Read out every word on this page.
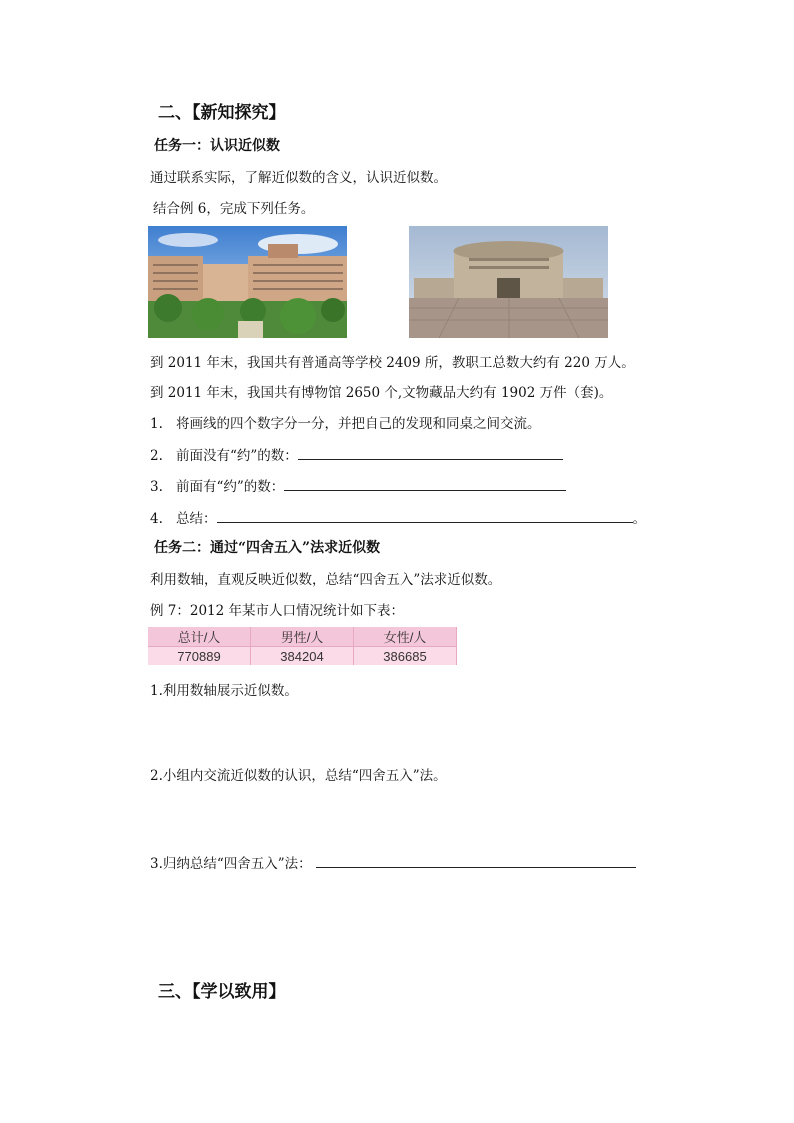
二、【新知探究】
任务一：认识近似数
通过联系实际，了解近似数的含义，认识近似数。
结合例 6，完成下列任务。
到 2011 年末，我国共有普通高等学校 2409 所，教职工总数大约有 220 万人。
到 2011 年末，我国共有博物馆 2650 个,文物藏品大约有 1902 万件（套)。
1. 将画线的四个数字分一分，并把自己的发现和同桌之间交流。
2. 前面没有“约”的数：
3. 前面有“约”的数：
4. 总结：	。
任务二：通过“四舍五入”法求近似数
利用数轴，直观反映近似数，总结“四舍五入”法求近似数。
例 7：2012 年某市人口情况统计如下表：
总计/人	男性/人	女性/人
770889	384204	386685
1.利用数轴展示近似数。
2.小组内交流近似数的认识，总结“四舍五入”法。
3.归纳总结“四舍五入”法：
三、【学以致用】
